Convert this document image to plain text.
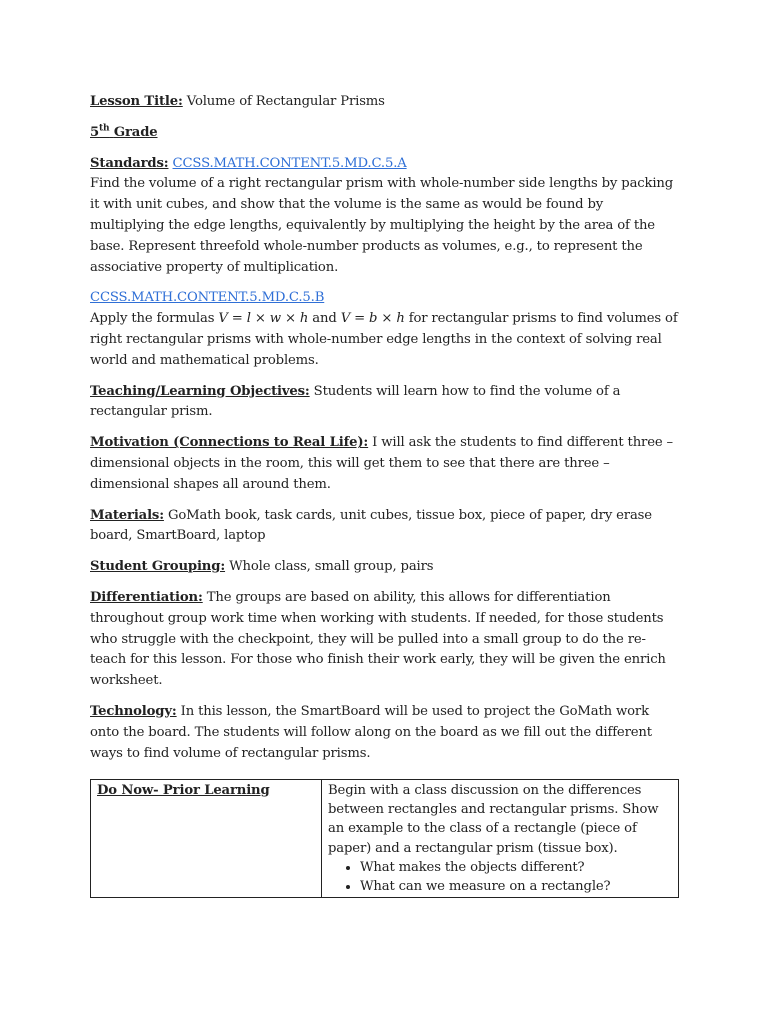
Lesson Title: Volume of Rectangular Prisms

5th Grade

Standards: CCSS.MATH.CONTENT.5.MD.C.5.A

Find the volume of a right rectangular prism with whole-number side lengths by packing it with unit cubes, and show that the volume is the same as would be found by multiplying the edge lengths, equivalently by multiplying the height by the area of the base. Represent threefold whole-number products as volumes, e.g., to represent the associative property of multiplication.

CCSS.MATH.CONTENT.5.MD.C.5.B

Apply the formulas V = l × w × h and V = b × h for rectangular prisms to find volumes of right rectangular prisms with whole-number edge lengths in the context of solving real world and mathematical problems.

Teaching/Learning Objectives: Students will learn how to find the volume of a rectangular prism.

Motivation (Connections to Real Life): I will ask the students to find different three – dimensional objects in the room, this will get them to see that there are three – dimensional shapes all around them.

Materials: GoMath book, task cards, unit cubes, tissue box, piece of paper, dry erase board, SmartBoard, laptop

Student Grouping: Whole class, small group, pairs

Differentiation: The groups are based on ability, this allows for differentiation throughout group work time when working with students. If needed, for those students who struggle with the checkpoint, they will be pulled into a small group to do the re-teach for this lesson. For those who finish their work early, they will be given the enrich worksheet.

Technology: In this lesson, the SmartBoard will be used to project the GoMath work onto the board. The students will follow along on the board as we fill out the different ways to find volume of rectangular prisms.

Do Now- Prior Learning	Begin with a class discussion on the differences between rectangles and rectangular prisms. Show an example to the class of a rectangle (piece of paper) and a rectangular prism (tissue box).
• What makes the objects different?
• What can we measure on a rectangle?
